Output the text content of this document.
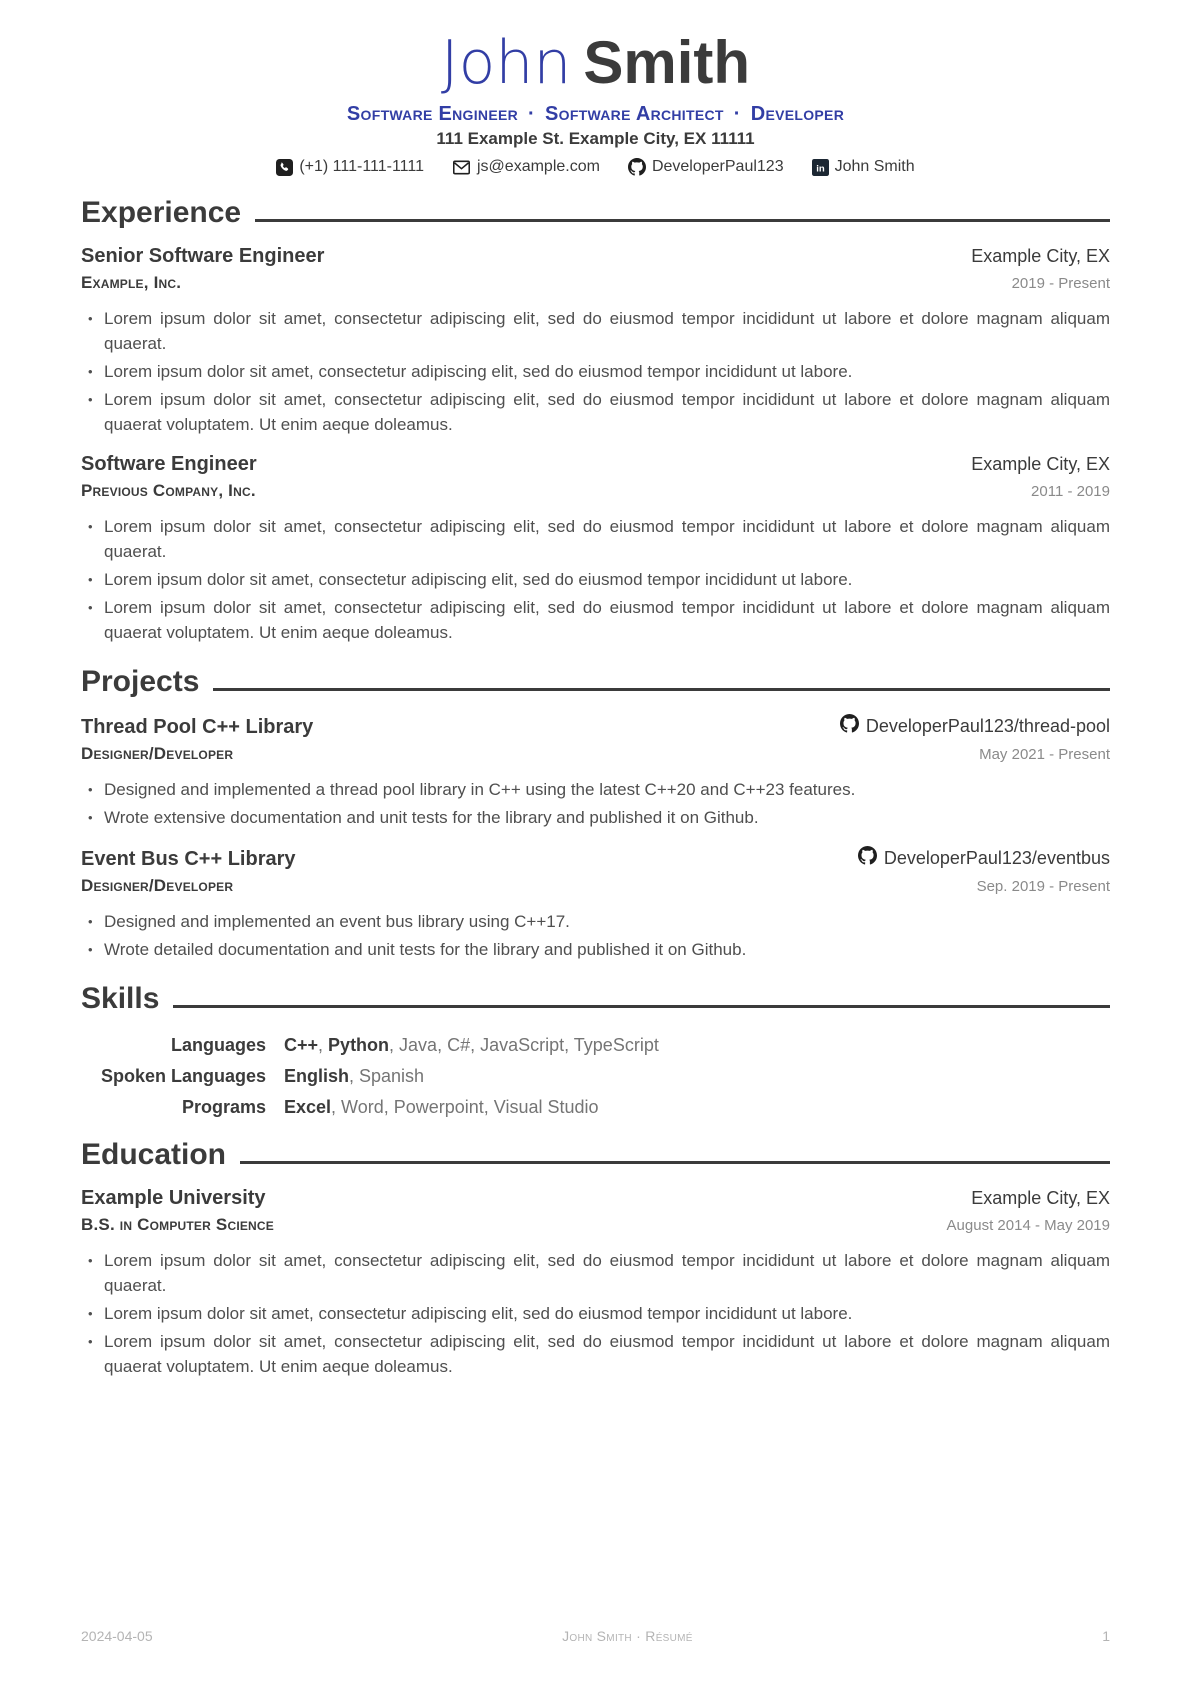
John Smith
Software Engineer · Software Architect · Developer
111 Example St. Example City, EX 11111
(+1) 111-111-1111	js@example.com	DeveloperPaul123 in John Smith
Experience
Senior Software Engineer	Example City, EX
Example, Inc.	2019 - Present
• Lorem ipsum dolor sit amet, consectetur adipiscing elit, sed do eiusmod tempor incididunt ut labore et dolore magnam aliquam quaerat.
• Lorem ipsum dolor sit amet, consectetur adipiscing elit, sed do eiusmod tempor incididunt ut labore.
• Lorem ipsum dolor sit amet, consectetur adipiscing elit, sed do eiusmod tempor incididunt ut labore et dolore magnam aliquam quaerat voluptatem. Ut enim aeque doleamus.
Software Engineer	Example City, EX
Previous Company, Inc.	2011 - 2019
• Lorem ipsum dolor sit amet, consectetur adipiscing elit, sed do eiusmod tempor incididunt ut labore et dolore magnam aliquam quaerat.
• Lorem ipsum dolor sit amet, consectetur adipiscing elit, sed do eiusmod tempor incididunt ut labore.
• Lorem ipsum dolor sit amet, consectetur adipiscing elit, sed do eiusmod tempor incididunt ut labore et dolore magnam aliquam quaerat voluptatem. Ut enim aeque doleamus.
Projects
Thread Pool C++ Library	DeveloperPaul123/thread-pool
Designer/Developer	May 2021 - Present
• Designed and implemented a thread pool library in C++ using the latest C++20 and C++23 features.
• Wrote extensive documentation and unit tests for the library and published it on Github.
Event Bus C++ Library	DeveloperPaul123/eventbus
Designer/Developer	Sep. 2019 - Present
• Designed and implemented an event bus library using C++17.
• Wrote detailed documentation and unit tests for the library and published it on Github.
Skills
Languages C++, Python, Java, C#, JavaScript, TypeScript
Spoken Languages English, Spanish
Programs Excel, Word, Powerpoint, Visual Studio
Education
Example University	Example City, EX
B.S. in Computer Science	August 2014 - May 2019
• Lorem ipsum dolor sit amet, consectetur adipiscing elit, sed do eiusmod tempor incididunt ut labore et dolore magnam aliquam quaerat.
• Lorem ipsum dolor sit amet, consectetur adipiscing elit, sed do eiusmod tempor incididunt ut labore.
• Lorem ipsum dolor sit amet, consectetur adipiscing elit, sed do eiusmod tempor incididunt ut labore et dolore magnam aliquam quaerat voluptatem. Ut enim aeque doleamus.
2024-04-05	John Smith · Résumé	1
